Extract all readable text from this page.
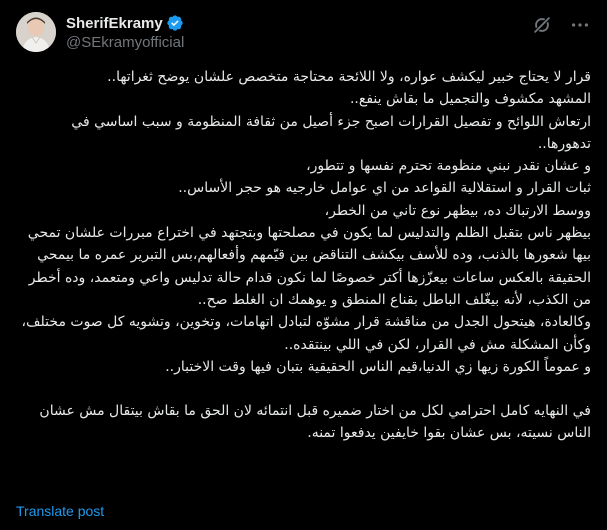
SherifEkramy
@SEkramyofficial

قرار لا يحتاج خبير ليكشف عواره، ولا اللائحة محتاجة متخصص علشان يوضح ثغراتها..

المشهد مكشوف والتجميل ما بقاش ينفع..

ارتعاش اللوائح و تفصيل القرارات اصبح جزء أصيل من ثقافة المنظومة و سبب اساسي في تدهورها..

و عشان نقدر نبني منظومة تحترم نفسها و تتطور،

ثبات القرار و استقلالية القواعد من اي عوامل خارجيه هو حجر الأساس..

ووسط الارتباك ده، بيظهر نوع تاني من الخطر،

بيظهر ناس بتقبل الظلم والتدليس لما يكون في مصلحتها وبتجتهد في اختراع مبررات علشان تمحي بيها شعورها بالذنب، وده للأسف بيكشف التناقض بين قيّمهم وأفعالهم،بس التبرير عمره ما بيمحي الحقيقة بالعكس ساعات بيعزّزها أكتر خصوصًا لما نكون قدام حالة تدليس واعي ومتعمد، وده أخطر من الكذب، لأنه بيغّلف الباطل بقناع المنطق و يوهمك ان الغلط صح..

وكالعادة، هيتحول الجدل من مناقشة قرار مشوّه لتبادل اتهامات، وتخوين، وتشويه كل صوت مختلف، وكأن المشكلة مش في القرار، لكن في اللي بينتقده..

و عموماً الكورة زيها زي الدنيا،قيم الناس الحقيقية بتبان فيها وقت الاختبار..

في النهايه كامل احترامي لكل من اختار ضميره قبل انتمائه لان الحق ما بقاش بيتقال مش عشان الناس نسيته، بس عشان بقوا خايفين يدفعوا تمنه.

Translate post
